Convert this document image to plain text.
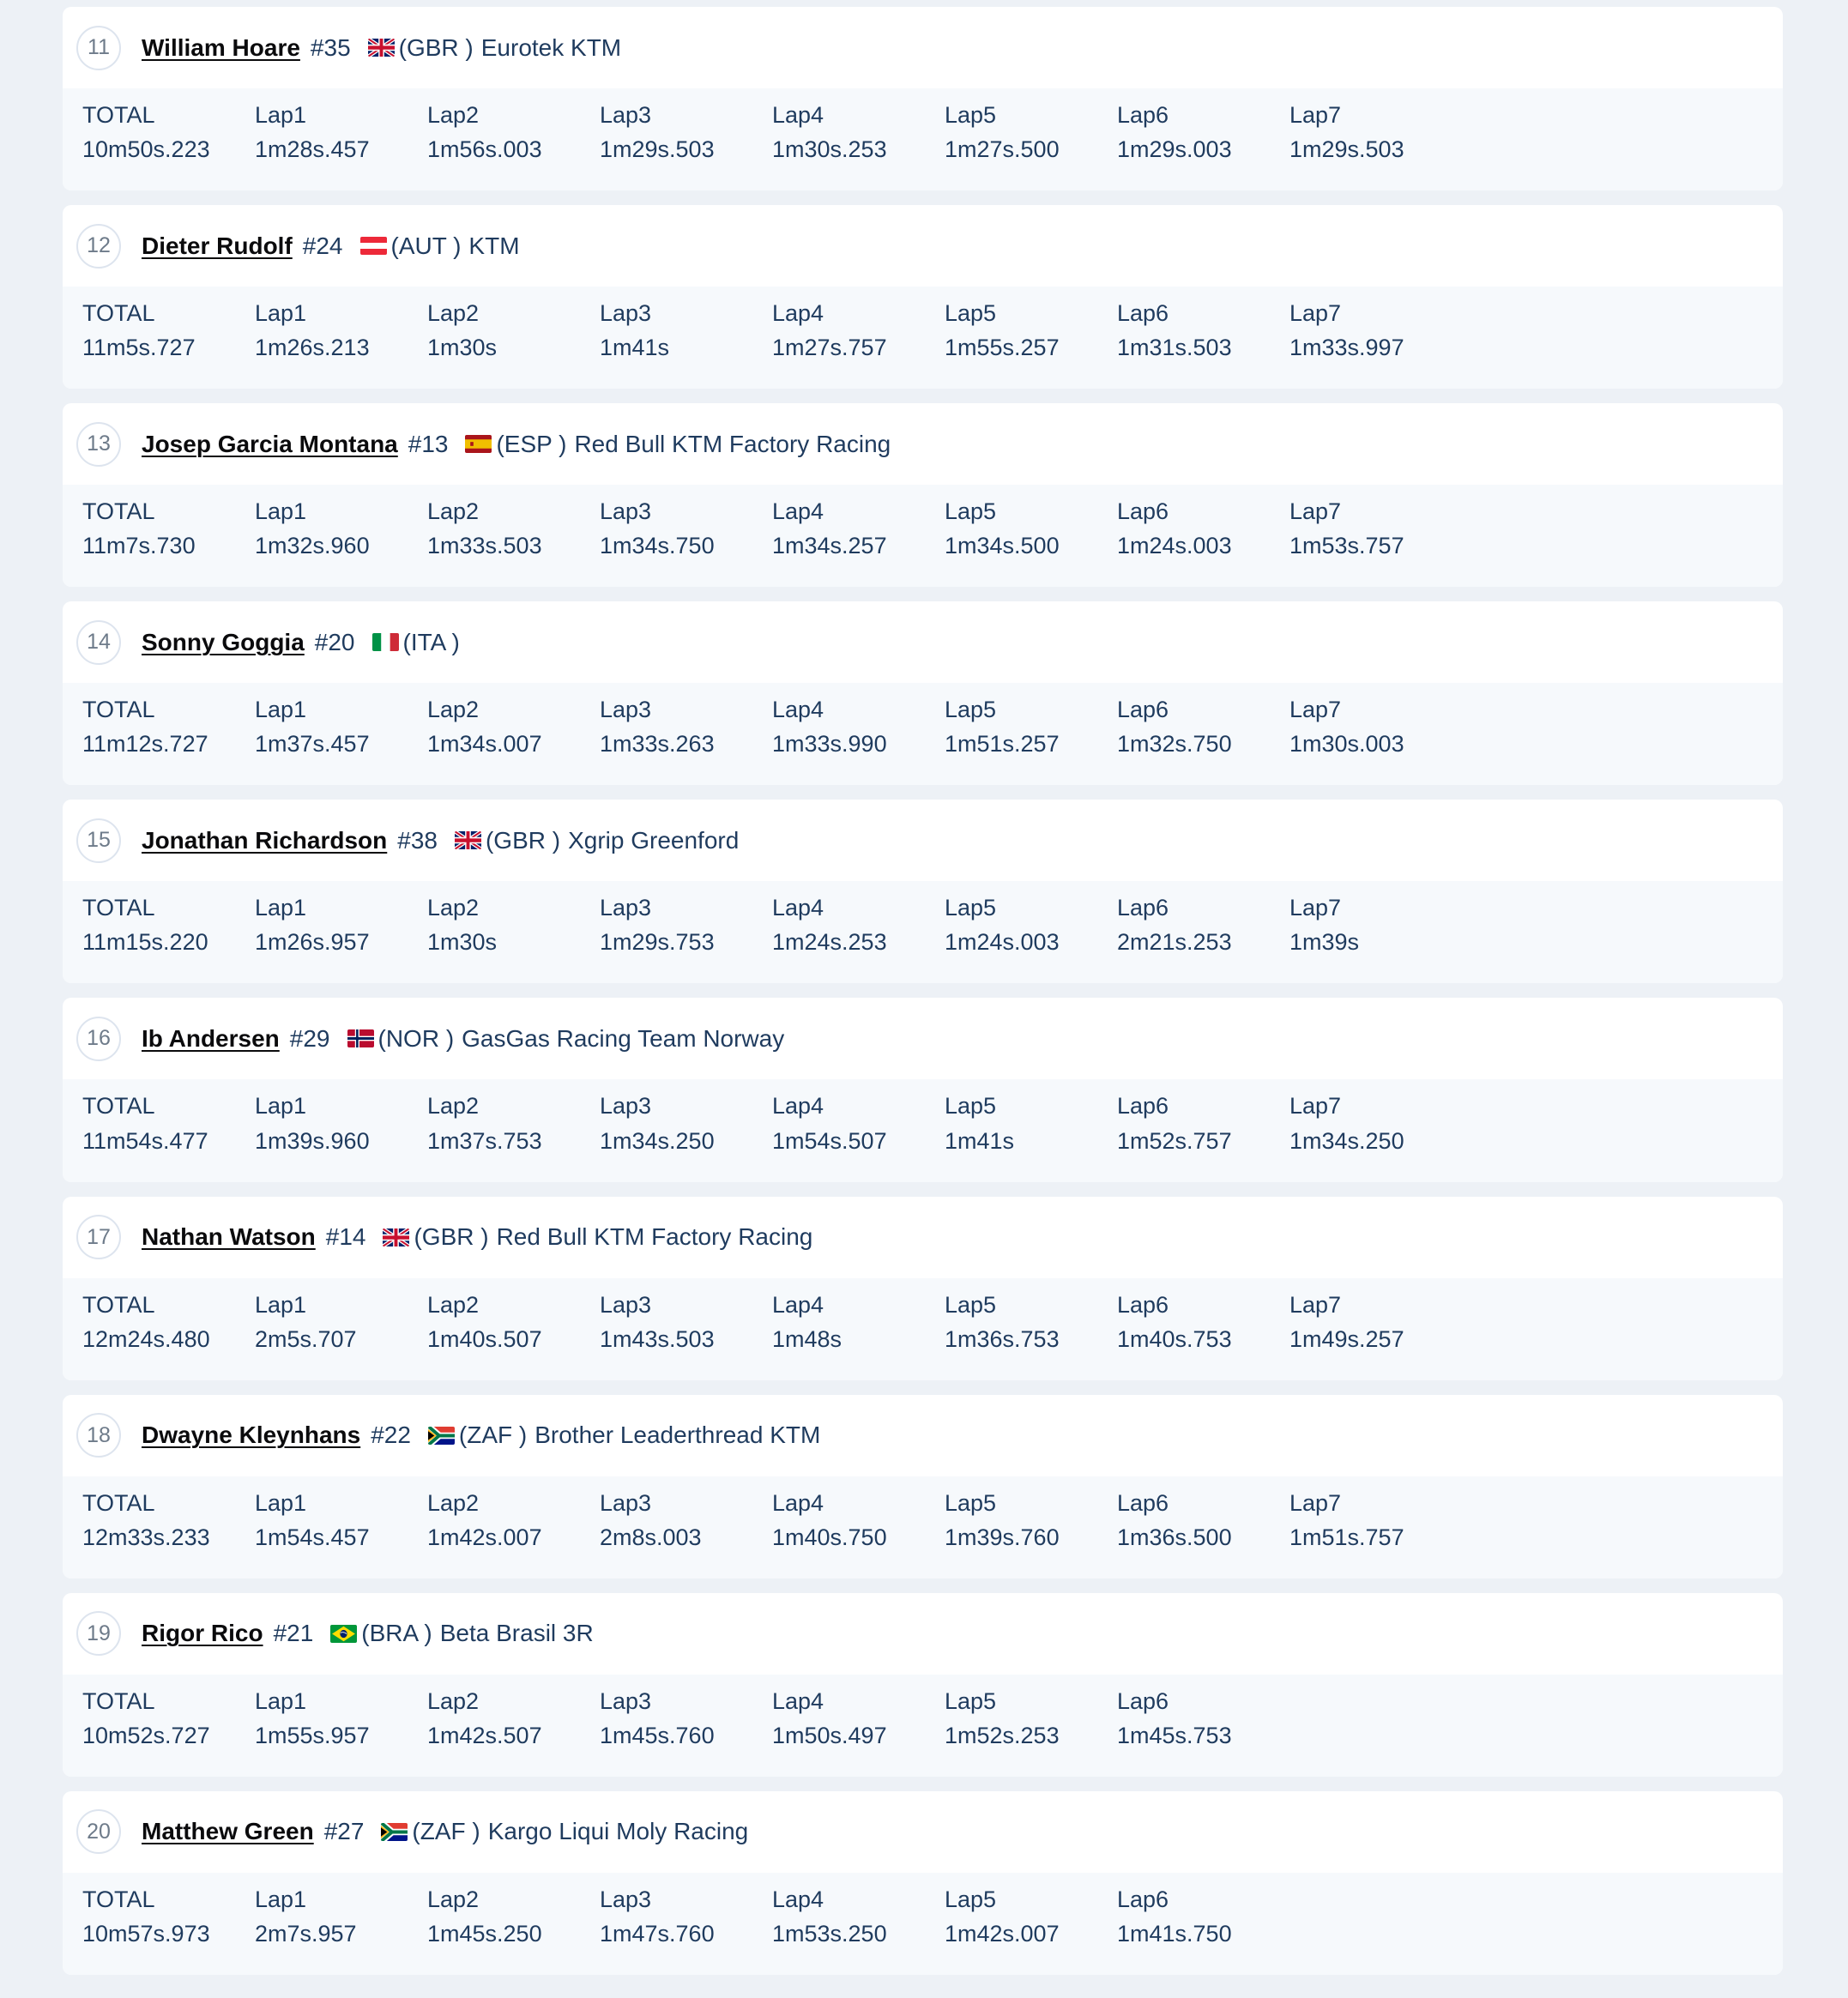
11 William Hoare #35 (GBR ) Eurotek KTM
TOTAL
10m50s.223
Lap1
1m28s.457
Lap2
1m56s.003
Lap3
1m29s.503
Lap4
1m30s.253
Lap5
1m27s.500
Lap6
1m29s.003
Lap7
1m29s.503
12 Dieter Rudolf #24 (AUT ) KTM
TOTAL
11m5s.727
Lap1
1m26s.213
Lap2
1m30s
Lap3
1m41s
Lap4
1m27s.757
Lap5
1m55s.257
Lap6
1m31s.503
Lap7
1m33s.997
13 Josep Garcia Montana #13 (ESP ) Red Bull KTM Factory Racing
TOTAL
11m7s.730
Lap1
1m32s.960
Lap2
1m33s.503
Lap3
1m34s.750
Lap4
1m34s.257
Lap5
1m34s.500
Lap6
1m24s.003
Lap7
1m53s.757
14 Sonny Goggia #20 (ITA )
TOTAL
11m12s.727
Lap1
1m37s.457
Lap2
1m34s.007
Lap3
1m33s.263
Lap4
1m33s.990
Lap5
1m51s.257
Lap6
1m32s.750
Lap7
1m30s.003
15 Jonathan Richardson #38 (GBR ) Xgrip Greenford
TOTAL
11m15s.220
Lap1
1m26s.957
Lap2
1m30s
Lap3
1m29s.753
Lap4
1m24s.253
Lap5
1m24s.003
Lap6
2m21s.253
Lap7
1m39s
16 Ib Andersen #29 (NOR ) GasGas Racing Team Norway
TOTAL
11m54s.477
Lap1
1m39s.960
Lap2
1m37s.753
Lap3
1m34s.250
Lap4
1m54s.507
Lap5
1m41s
Lap6
1m52s.757
Lap7
1m34s.250
17 Nathan Watson #14 (GBR ) Red Bull KTM Factory Racing
TOTAL
12m24s.480
Lap1
2m5s.707
Lap2
1m40s.507
Lap3
1m43s.503
Lap4
1m48s
Lap5
1m36s.753
Lap6
1m40s.753
Lap7
1m49s.257
18 Dwayne Kleynhans #22 (ZAF ) Brother Leaderthread KTM
TOTAL
12m33s.233
Lap1
1m54s.457
Lap2
1m42s.007
Lap3
2m8s.003
Lap4
1m40s.750
Lap5
1m39s.760
Lap6
1m36s.500
Lap7
1m51s.757
19 Rigor Rico #21 (BRA ) Beta Brasil 3R
TOTAL
10m52s.727
Lap1
1m55s.957
Lap2
1m42s.507
Lap3
1m45s.760
Lap4
1m50s.497
Lap5
1m52s.253
Lap6
1m45s.753
20 Matthew Green #27 (ZAF ) Kargo Liqui Moly Racing
TOTAL
10m57s.973
Lap1
2m7s.957
Lap2
1m45s.250
Lap3
1m47s.760
Lap4
1m53s.250
Lap5
1m42s.007
Lap6
1m41s.750
